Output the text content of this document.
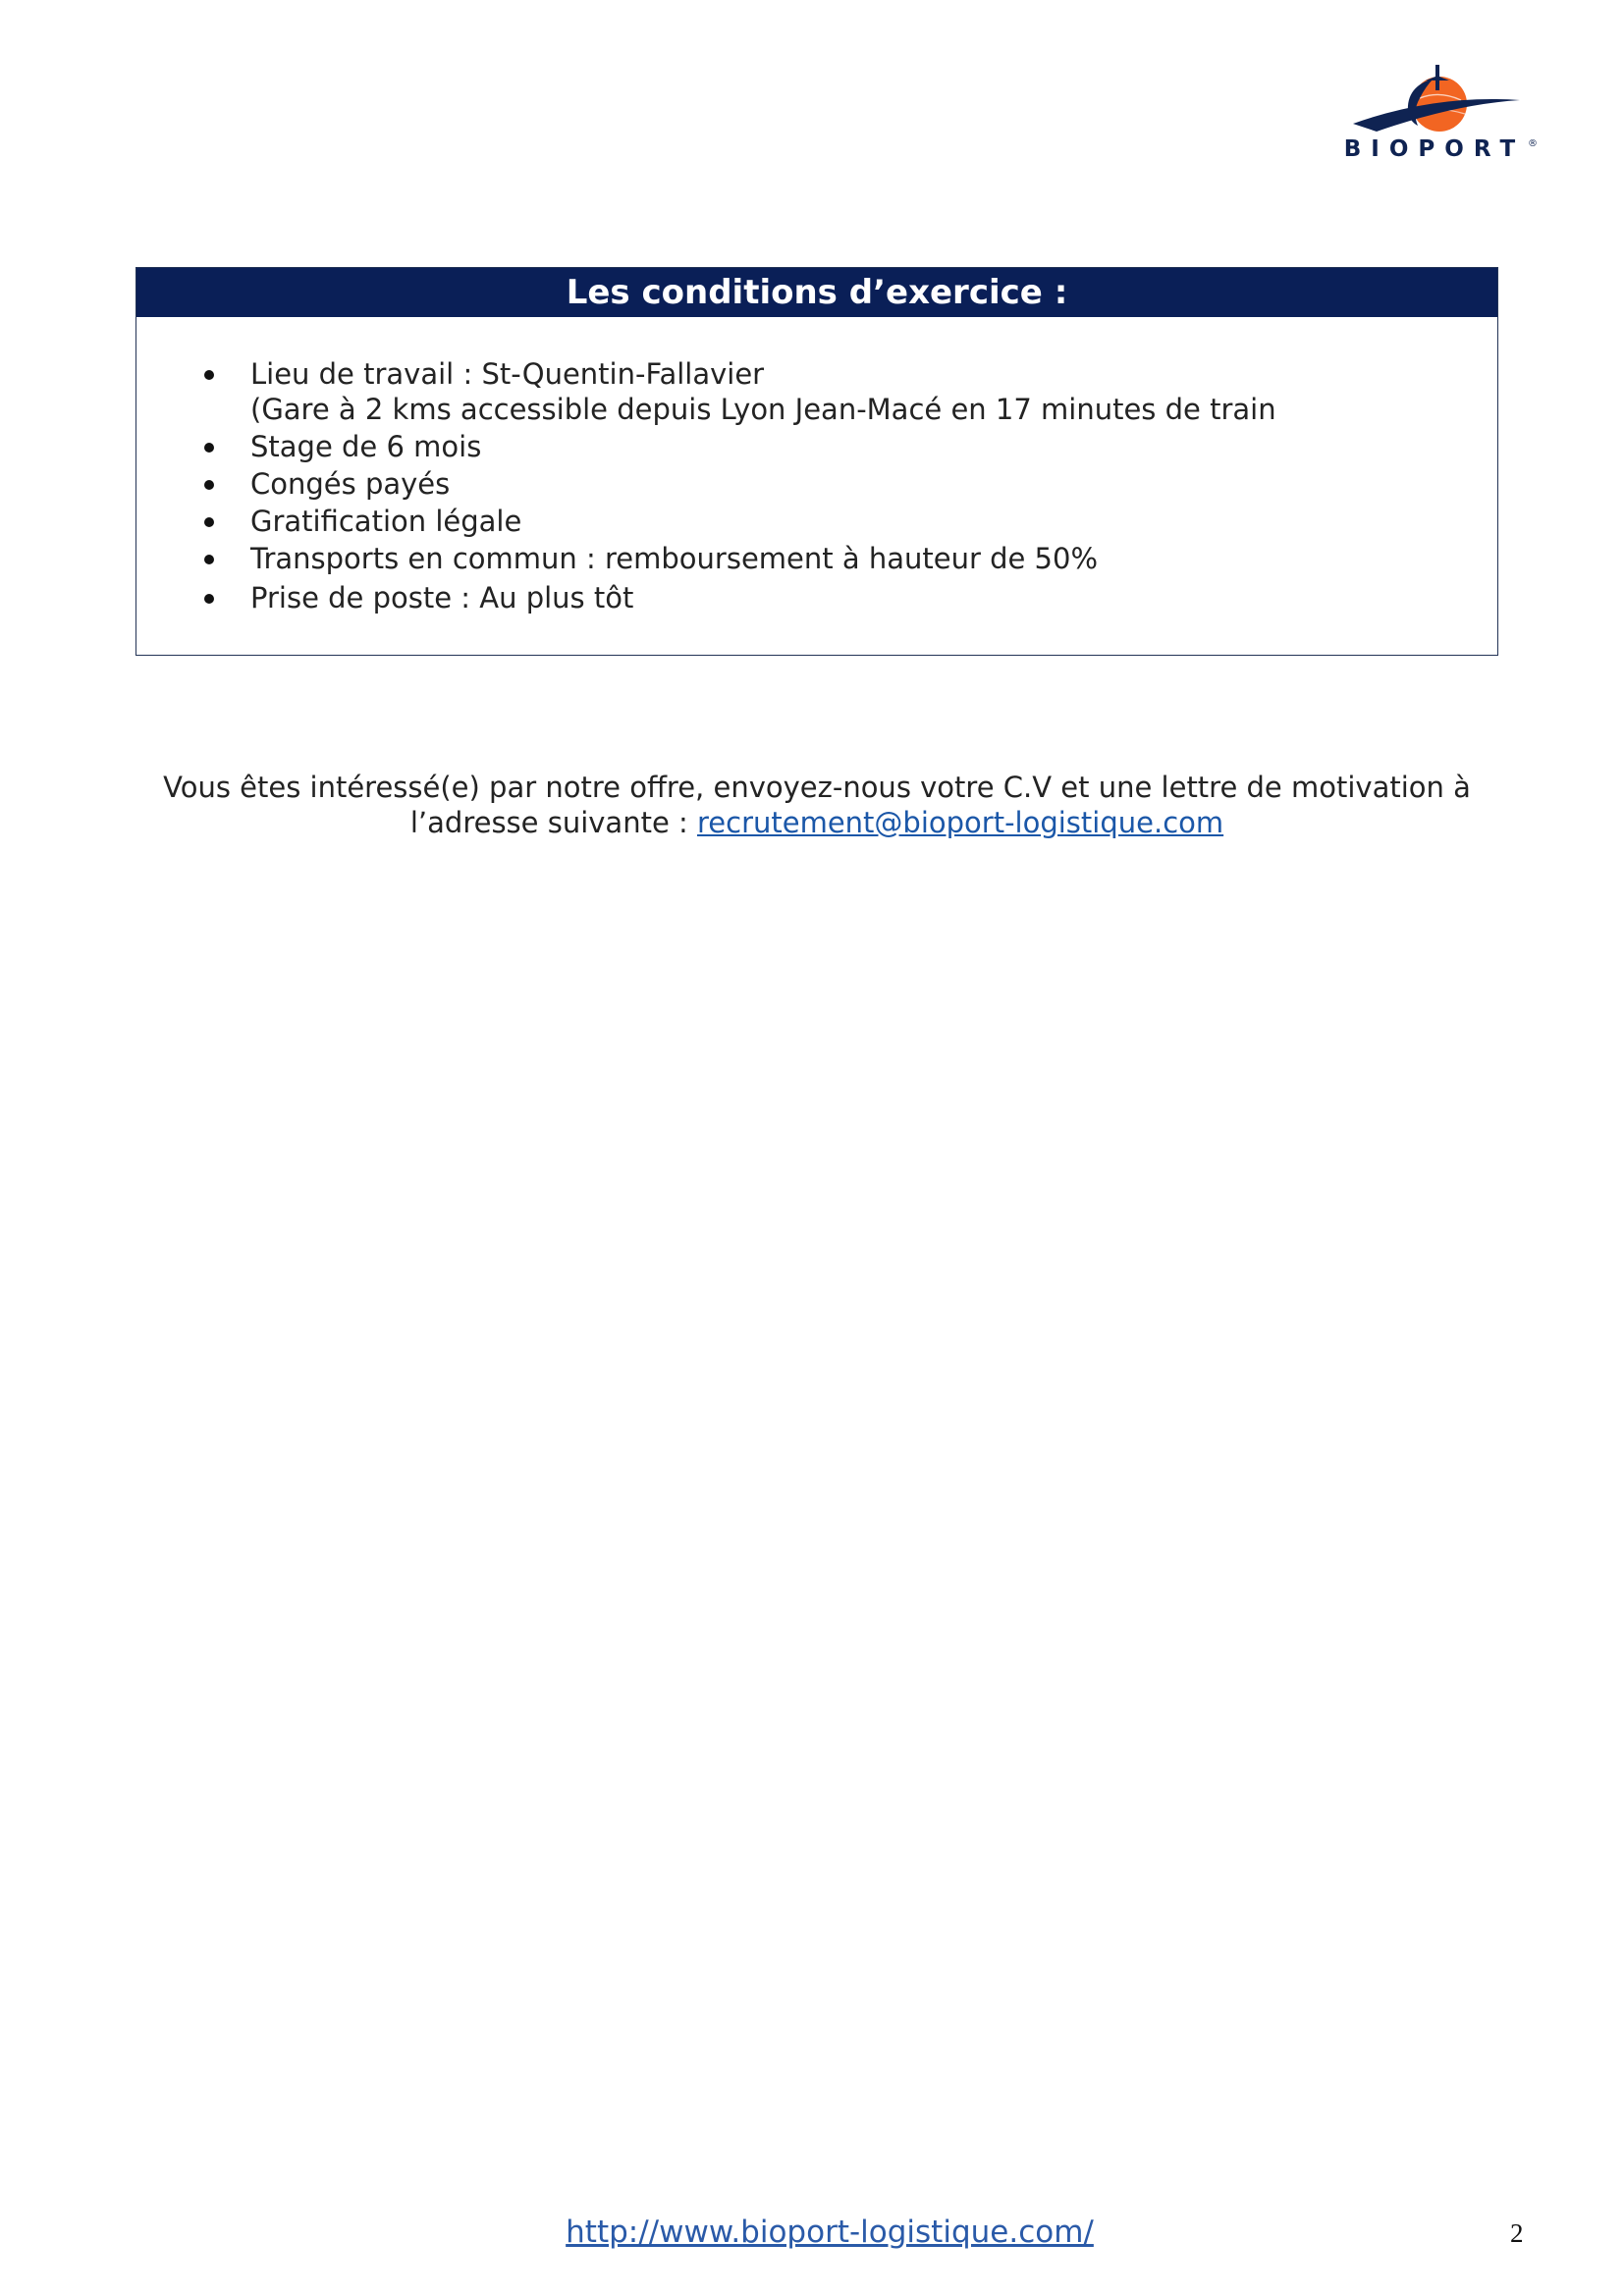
BIOPORT ®
Les conditions d’exercice :
Lieu de travail : St-Quentin-Fallavier
(Gare à 2 kms accessible depuis Lyon Jean-Macé en 17 minutes de train
Stage de 6 mois
Congés payés
Gratification légale
Transports en commun : remboursement à hauteur de 50%
Prise de poste : Au plus tôt
Vous êtes intéressé(e) par notre offre, envoyez-nous votre C.V et une lettre de motivation à
l’adresse suivante : recrutement@bioport-logistique.com
http://www.bioport-logistique.com/	2
